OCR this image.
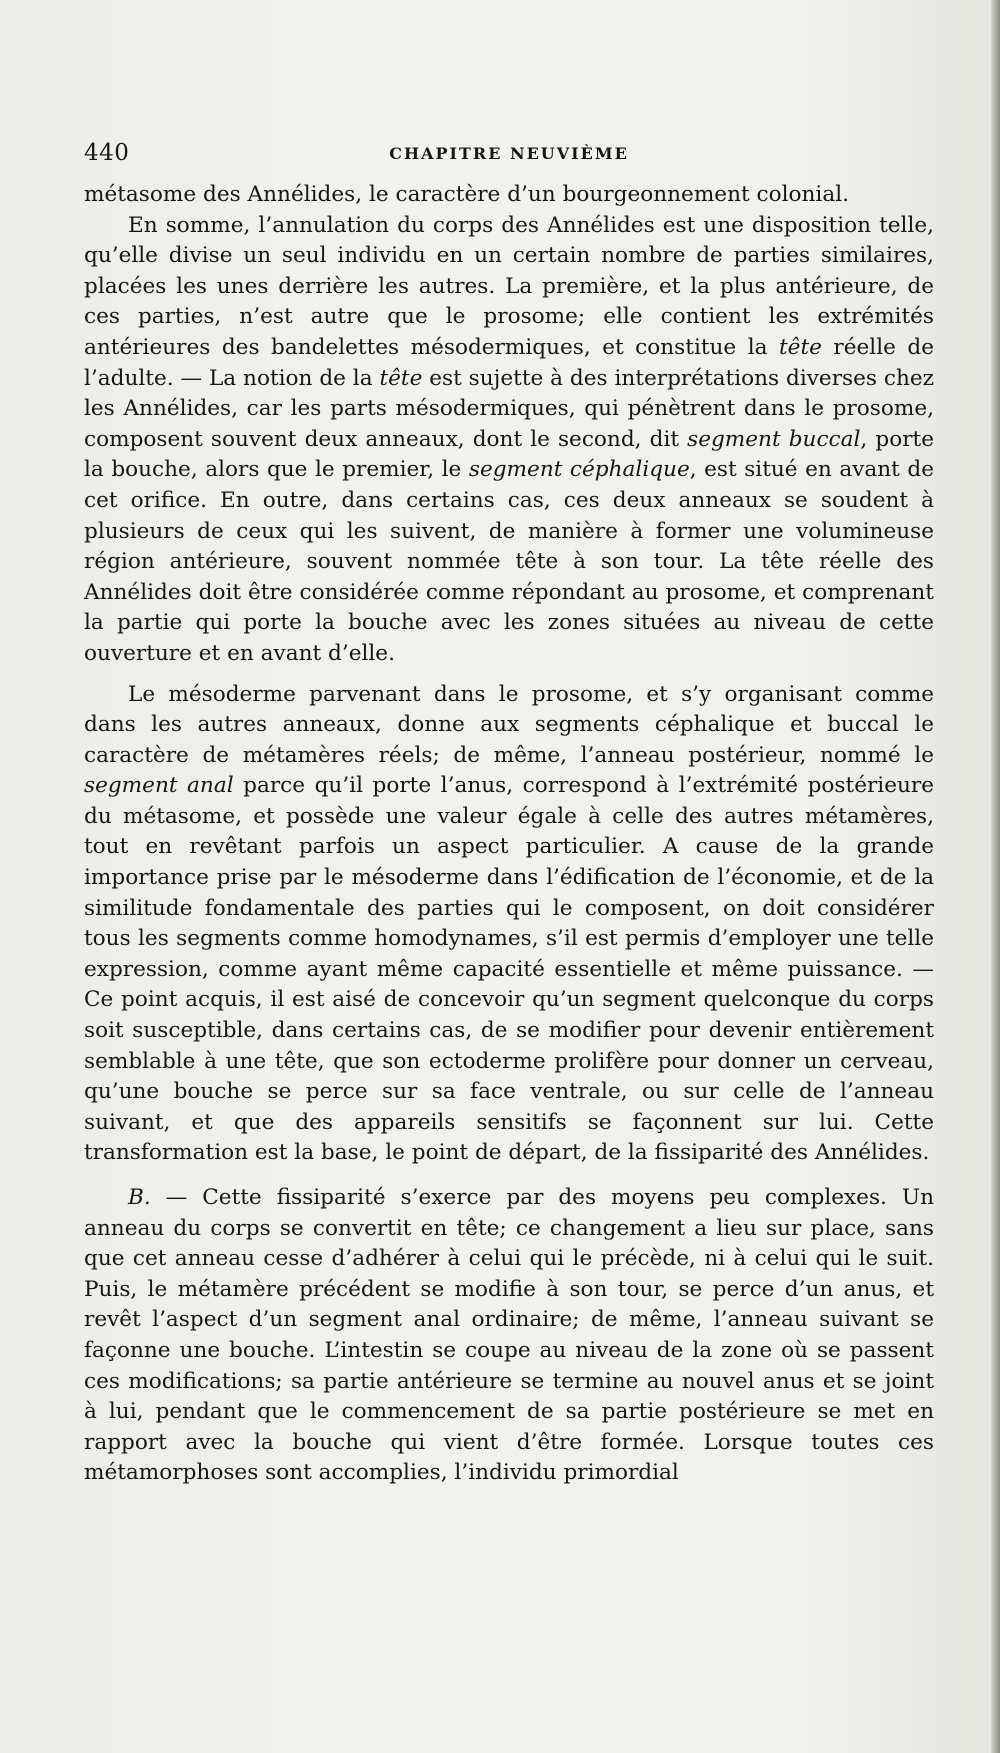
440	CHAPITRE NEUVIÈME

métasome des Annélides, le caractère d’un bourgeonnement colonial.

En somme, l’annulation du corps des Annélides est une disposition telle, qu’elle divise un seul individu en un certain nombre de parties similaires, placées les unes derrière les autres. La première, et la plus antérieure, de ces parties, n’est autre que le prosome; elle contient les extrémités antérieures des bandelettes mésodermiques, et constitue la tête réelle de l’adulte. — La notion de la tête est sujette à des interprétations diverses chez les Annélides, car les parts mésodermiques, qui pénètrent dans le prosome, composent souvent deux anneaux, dont le second, dit segment buccal, porte la bouche, alors que le premier, le segment céphalique, est situé en avant de cet orifice. En outre, dans certains cas, ces deux anneaux se soudent à plusieurs de ceux qui les suivent, de manière à former une volumineuse région antérieure, souvent nommée tête à son tour. La tête réelle des Annélides doit être considérée comme répondant au prosome, et comprenant la partie qui porte la bouche avec les zones situées au niveau de cette ouverture et en avant d’elle.

Le mésoderme parvenant dans le prosome, et s’y organisant comme dans les autres anneaux, donne aux segments céphalique et buccal le caractère de métamères réels; de même, l’anneau postérieur, nommé le segment anal parce qu’il porte l’anus, correspond à l’extrémité postérieure du métasome, et possède une valeur égale à celle des autres métamères, tout en revêtant parfois un aspect particulier. A cause de la grande importance prise par le mésoderme dans l’édification de l’économie, et de la similitude fondamentale des parties qui le composent, on doit considérer tous les segments comme homodynames, s’il est permis d’employer une telle expression, comme ayant même capacité essentielle et même puissance. — Ce point acquis, il est aisé de concevoir qu’un segment quelconque du corps soit susceptible, dans certains cas, de se modifier pour devenir entièrement semblable à une tête, que son ectoderme prolifère pour donner un cerveau, qu’une bouche se perce sur sa face ventrale, ou sur celle de l’anneau suivant, et que des appareils sensitifs se façonnent sur lui. Cette transformation est la base, le point de départ, de la fissiparité des Annélides.

B. — Cette fissiparité s’exerce par des moyens peu complexes. Un anneau du corps se convertit en tête; ce changement a lieu sur place, sans que cet anneau cesse d’adhérer à celui qui le précède, ni à celui qui le suit. Puis, le métamère précédent se modifie à son tour, se perce d’un anus, et revêt l’aspect d’un segment anal ordinaire; de même, l’anneau suivant se façonne une bouche. L’intestin se coupe au niveau de la zone où se passent ces modifications; sa partie antérieure se termine au nouvel anus et se joint à lui, pendant que le commencement de sa partie postérieure se met en rapport avec la bouche qui vient d’être formée. Lorsque toutes ces métamorphoses sont accomplies, l’individu primordial
